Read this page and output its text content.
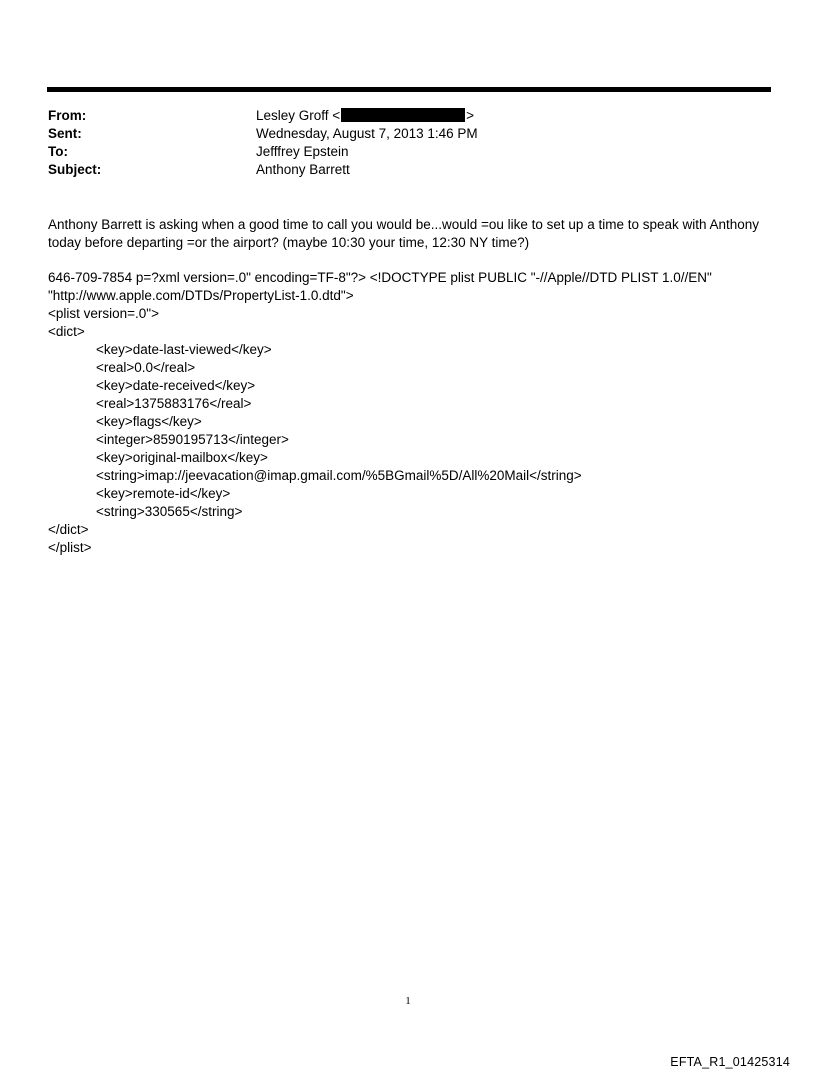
From:	Lesley Groff <	>
Sent:	Wednesday, August 7, 2013 1:46 PM
To:	Jefffrey Epstein
Subject:	Anthony Barrett
Anthony Barrett is asking when a good time to call you would be...would =ou like to set up a time to speak with Anthony
today before departing =or the airport? (maybe 10:30 your time, 12:30 NY time?)
646-709-7854 p=?xml version=.0" encoding=TF-8"?> <!DOCTYPE plist PUBLIC "-//Apple//DTD PLIST 1.0//EN"
"http://www.apple.com/DTDs/PropertyList-1.0.dtd">
<plist version=.0">
<dict>
<key>date-last-viewed</key>
<real>0.0</real>
<key>date-received</key>
<real>1375883176</real>
<key>flags</key>
<integer>8590195713</integer>
<key>original-mailbox</key>
<string>imap://jeevacation@imap.gmail.com/%5BGmail%5D/All%20Mail</string>
<key>remote-id</key>
<string>330565</string>
</dict>
</plist>
1
EFTA_R1_01425314
